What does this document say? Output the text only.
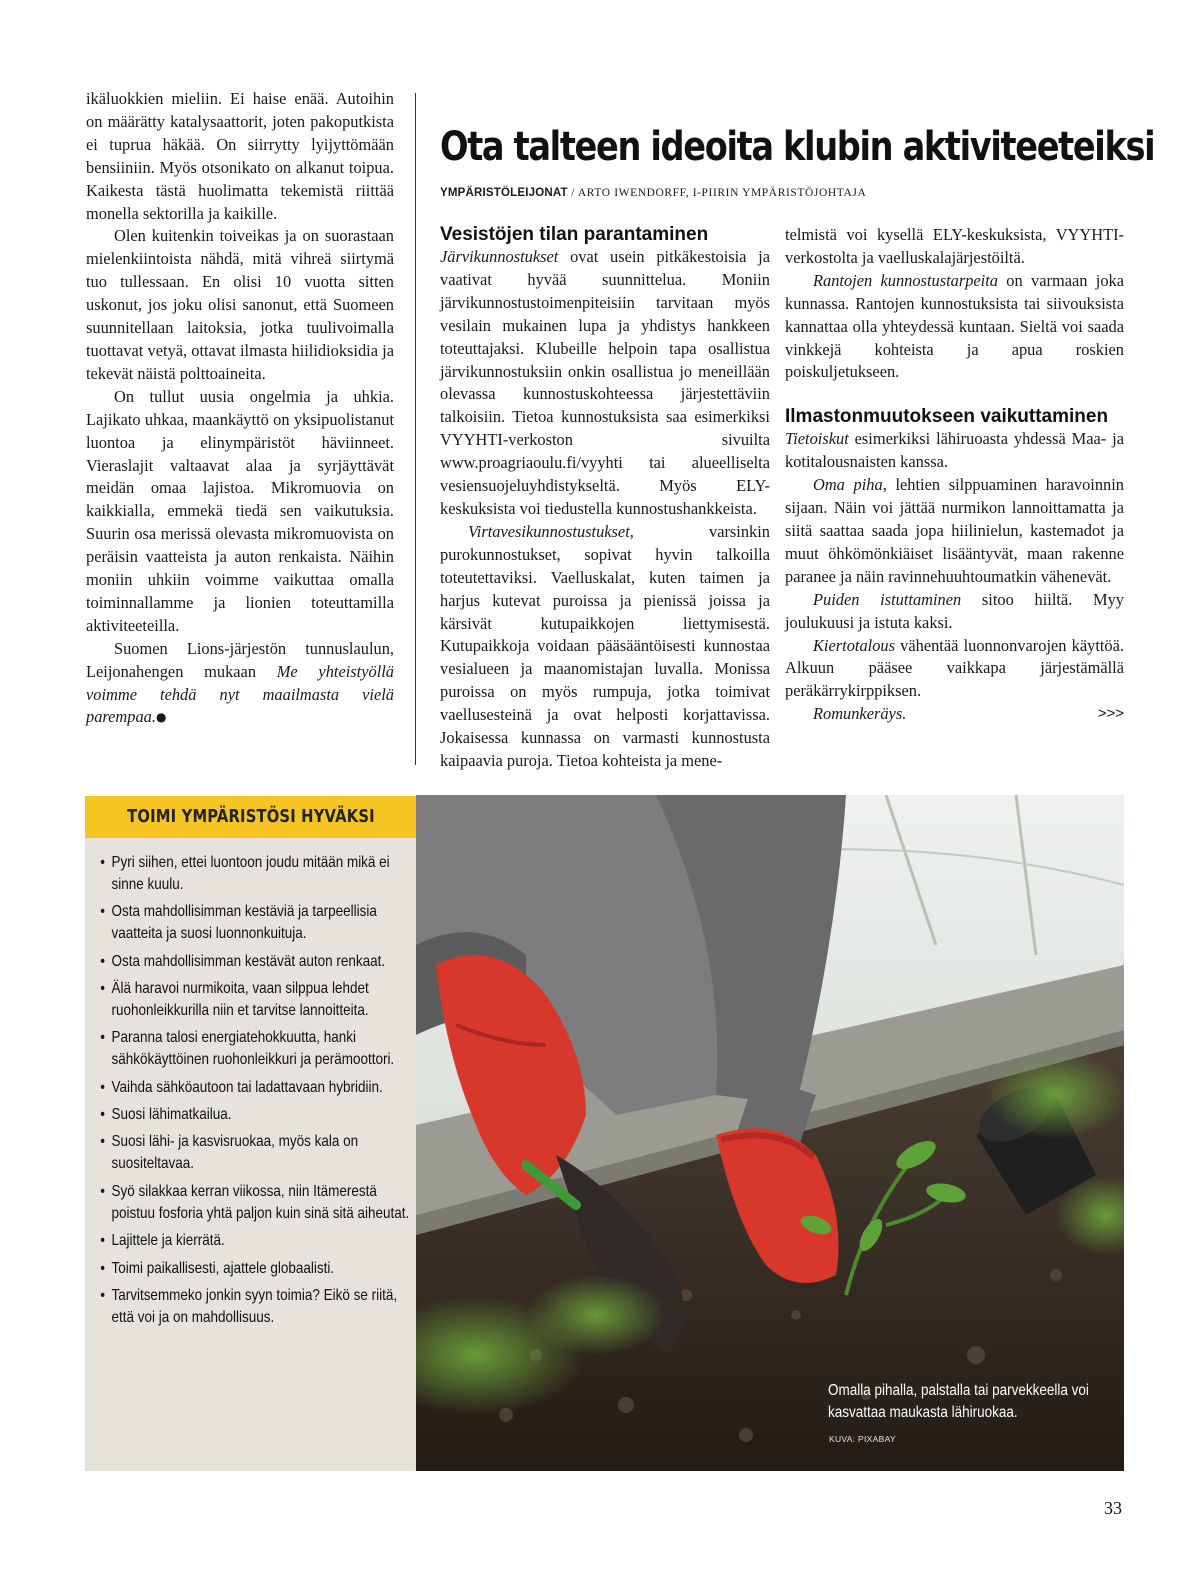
ikäluokkien mieliin. Ei haise enää. Autoihin on määrätty katalysaattorit, joten pakoputkista ei tuprua häkää. On siirrytty lyijyttömään bensiiniin. Myös otsonikato on alkanut toipua. Kaikesta tästä huolimatta tekemistä riittää monella sektorilla ja kaikille.

Olen kuitenkin toiveikas ja on suorastaan mielenkiintoista nähdä, mitä vihreä siirtymä tuo tullessaan. En olisi 10 vuotta sitten uskonut, jos joku olisi sanonut, että Suomeen suunnitellaan laitoksia, jotka tuulivoimalla tuottavat vetyä, ottavat ilmasta hiilidioksidia ja tekevät näistä polttoaineita.

On tullut uusia ongelmia ja uhkia. Lajikato uhkaa, maankäyttö on yksipuolistanut luontoa ja elinympäristöt häviinneet. Vieraslajit valtaavat alaa ja syrjäyttävät meidän omaa lajistoa. Mikromuovia on kaikkialla, emmekä tiedä sen vaikutuksia. Suurin osa merissä olevasta mikromuovista on peräisin vaatteista ja auton renkaista. Näihin moniin uhkiin voimme vaikuttaa omalla toiminnallamme ja lionien toteuttamilla aktiviteeteilla.

Suomen Lions-järjestön tunnuslaulun, Leijonahengen mukaan Me yhteistyöllä voimme tehdä nyt maailmasta vielä parempaa.●

Ota talteen ideoita klubin aktiviteeteiksi
YMPÄRISTÖLEIJONAT / ARTO IWENDORFF, I-PIIRIN YMPÄRISTÖJOHTAJA
Vesistöjen tilan parantaminen

Järvikunnostukset ovat usein pitkäkestoisia ja vaativat hyvää suunnittelua. Moniin järvikunnostustoimenpiteisiin tarvitaan myös vesilain mukainen lupa ja yhdistys hankkeen toteuttajaksi. Klubeille helpoin tapa osallistua järvikunnostuksiin onkin osallistua jo meneillään olevassa kunnostuskohteessa järjestettäviin talkoisiin. Tietoa kunnostuksista saa esimerkiksi VYYHTI-verkoston sivuilta www.proagriaoulu.fi/vyyhti tai alueelliselta vesiensuojeluyhdistykseltä. Myös ELY-keskuksista voi tiedustella kunnostushankkeista.

Virtavesikunnostustukset, varsinkin purokunnostukset, sopivat hyvin talkoilla toteutettaviksi. Vaelluskalat, kuten taimen ja harjus kutevat puroissa ja pienissä joissa ja kärsivät kutupaikkojen liettymisestä. Kutupaikkoja voidaan pääsääntöisesti kunnostaa vesialueen ja maanomistajan luvalla. Monissa puroissa on myös rumpuja, jotka toimivat vaellusesteinä ja ovat helposti korjattavissa. Jokaisessa kunnassa on varmasti kunnostusta kaipaavia puroja. Tietoa kohteista ja mene-

telmistä voi kysellä ELY-keskuksista, VYYHTI-verkostolta ja vaelluskalajärjestöiltä.

Rantojen kunnostustarpeita on varmaan joka kunnassa. Rantojen kunnostuksista tai siivouksista kannattaa olla yhteydessä kuntaan. Sieltä voi saada vinkkejä kohteista ja apua roskien poiskuljetukseen.

Ilmastonmuutokseen vaikuttaminen

Tietoiskut esimerkiksi lähiruoasta yhdessä Maa- ja kotitalousnaisten kanssa.

Oma piha, lehtien silppuaminen haravoinnin sijaan. Näin voi jättää nurmikon lannoittamatta ja siitä saattaa saada jopa hiilinielun, kastemadot ja muut öhkömönkiäiset lisääntyvät, maan rakenne paranee ja näin ravinnehuuhtoumatkin vähenevät.

Puiden istuttaminen sitoo hiiltä. Myy joulukuusi ja istuta kaksi.

Kiertotalous vähentää luonnonvarojen käyttöä. Alkuun pääsee vaikkapa järjestämällä peräkärrykirppiksen.

Romunkeräys.	>>>

TOIMI YMPÄRISTÖSI HYVÄKSI
• Pyri siihen, ettei luontoon joudu mitään mikä ei sinne kuulu.
• Osta mahdollisimman kestäviä ja tarpeellisia vaatteita ja suosi luonnonkuituja.
• Osta mahdollisimman kestävät auton renkaat.
• Älä haravoi nurmikoita, vaan silppua lehdet ruohonleikkurilla niin et tarvitse lannoitteita.
• Paranna talosi energiatehokkuutta, hanki sähkökäyttöinen ruohonleikkuri ja perämoottori.
• Vaihda sähköautoon tai ladattavaan hybridiin.
• Suosi lähimatkailua.
• Suosi lähi- ja kasvisruokaa, myös kala on suositeltavaa.
• Syö silakkaa kerran viikossa, niin Itämerestä poistuu fosforia yhtä paljon kuin sinä sitä aiheutat.
• Lajittele ja kierrätä.
• Toimi paikallisesti, ajattele globaalisti.
• Tarvitsemmeko jonkin syyn toimia? Eikö se riitä, että voi ja on mahdollisuus.
Omalla pihalla, palstalla tai parvekkeella voi kasvattaa maukasta lähiruokaa.
KUVA: PIXABAY
33
